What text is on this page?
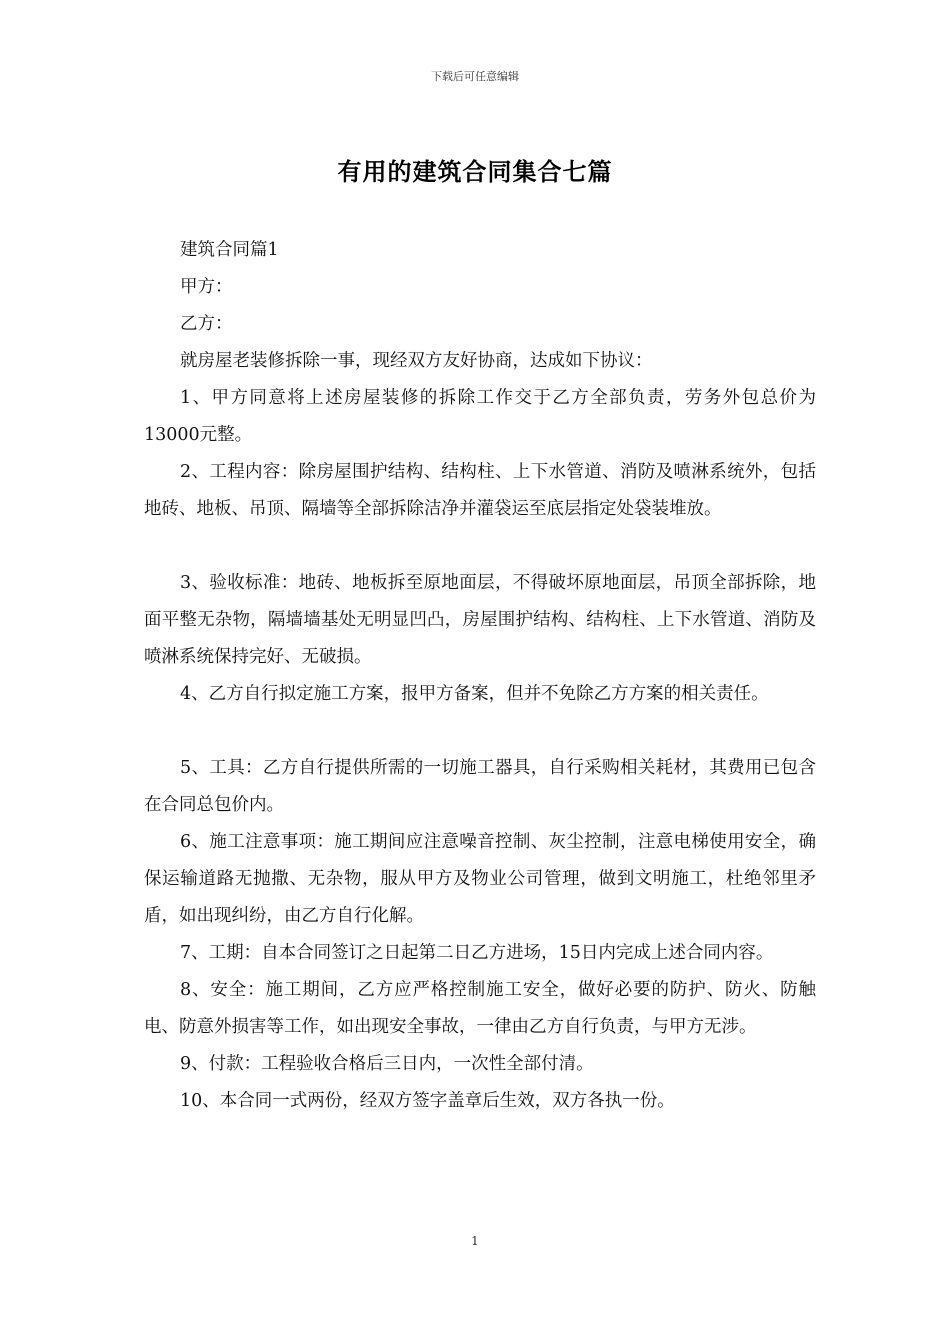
下载后可任意编辑
有用的建筑合同集合七篇

建筑合同篇1

甲方：

乙方：

就房屋老装修拆除一事，现经双方友好协商，达成如下协议：

1、甲方同意将上述房屋装修的拆除工作交于乙方全部负责，劳务外包总价为13000元整。

2、工程内容：除房屋围护结构、结构柱、上下水管道、消防及喷淋系统外，包括地砖、地板、吊顶、隔墙等全部拆除洁净并灌袋运至底层指定处袋装堆放。

3、验收标准：地砖、地板拆至原地面层，不得破坏原地面层，吊顶全部拆除，地面平整无杂物，隔墙墙基处无明显凹凸，房屋围护结构、结构柱、上下水管道、消防及喷淋系统保持完好、无破损。

4、乙方自行拟定施工方案，报甲方备案，但并不免除乙方方案的相关责任。

5、工具：乙方自行提供所需的一切施工器具，自行采购相关耗材，其费用已包含在合同总包价内。

6、施工注意事项：施工期间应注意噪音控制、灰尘控制，注意电梯使用安全，确保运输道路无抛撒、无杂物，服从甲方及物业公司管理，做到文明施工，杜绝邻里矛盾，如出现纠纷，由乙方自行化解。

7、工期：自本合同签订之日起第二日乙方进场，15日内完成上述合同内容。

8、安全：施工期间，乙方应严格控制施工安全，做好必要的防护、防火、防触电、防意外损害等工作，如出现安全事故，一律由乙方自行负责，与甲方无涉。

9、付款：工程验收合格后三日内，一次性全部付清。

10、本合同一式两份，经双方签字盖章后生效，双方各执一份。

1
